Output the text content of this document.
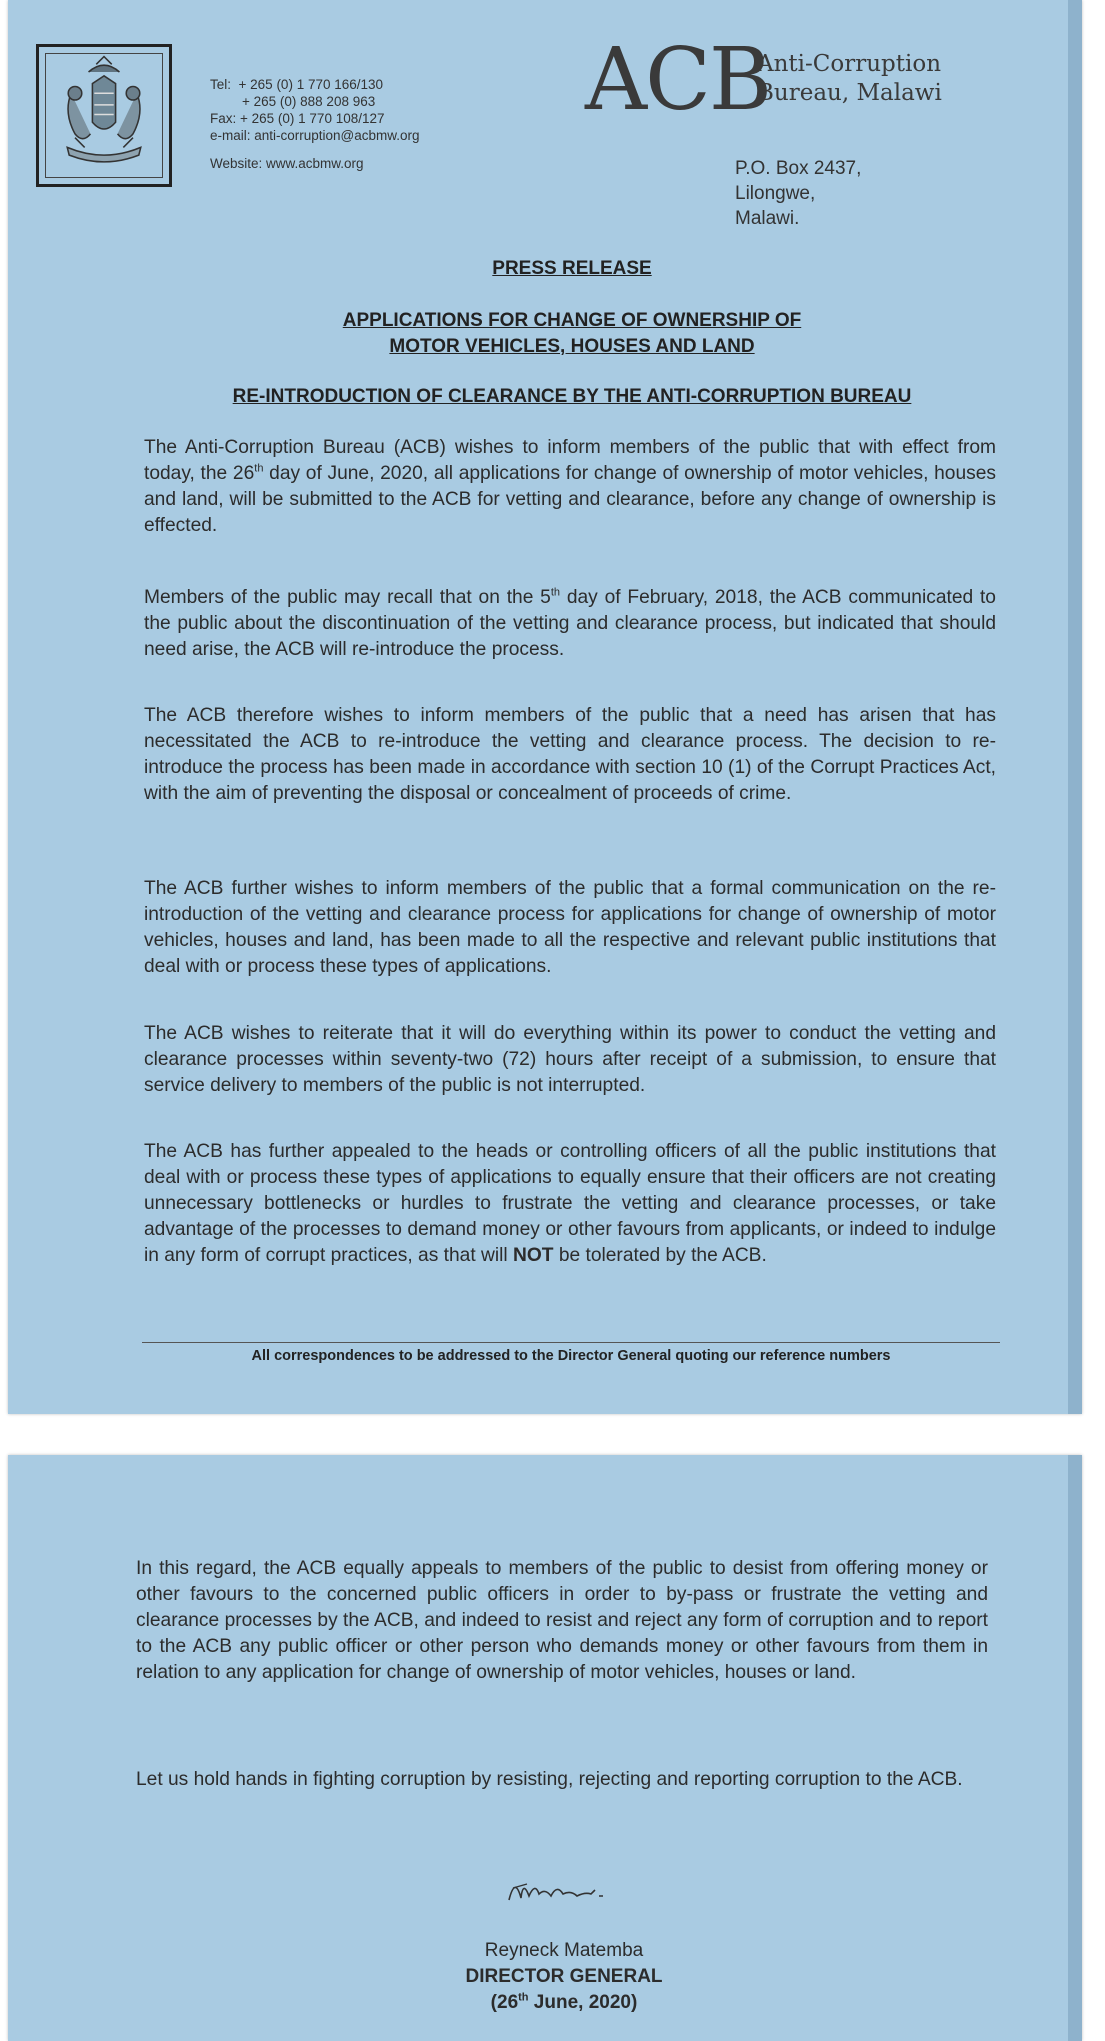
Tel: + 265 (0) 1 770 166/130
+ 265 (0) 888 208 963
Fax: + 265 (0) 1 770 108/127
e-mail: anti-corruption@acbmw.org
Website: www.acbmw.org
ACB
Anti-Corruption
Bureau, Malawi
P.O. Box 2437,
Lilongwe,
Malawi.
PRESS RELEASE
APPLICATIONS FOR CHANGE OF OWNERSHIP OF
MOTOR VEHICLES, HOUSES AND LAND
RE-INTRODUCTION OF CLEARANCE BY THE ANTI-CORRUPTION BUREAU
The Anti-Corruption Bureau (ACB) wishes to inform members of the public that with effect from today, the 26th day of June, 2020, all applications for change of ownership of motor vehicles, houses and land, will be submitted to the ACB for vetting and clearance, before any change of ownership is effected.
Members of the public may recall that on the 5th day of February, 2018, the ACB communicated to the public about the discontinuation of the vetting and clearance process, but indicated that should need arise, the ACB will re-introduce the process.
The ACB therefore wishes to inform members of the public that a need has arisen that has necessitated the ACB to re-introduce the vetting and clearance process. The decision to re-introduce the process has been made in accordance with section 10 (1) of the Corrupt Practices Act, with the aim of preventing the disposal or concealment of proceeds of crime.
The ACB further wishes to inform members of the public that a formal communication on the re-introduction of the vetting and clearance process for applications for change of ownership of motor vehicles, houses and land, has been made to all the respective and relevant public institutions that deal with or process these types of applications.
The ACB wishes to reiterate that it will do everything within its power to conduct the vetting and clearance processes within seventy-two (72) hours after receipt of a submission, to ensure that service delivery to members of the public is not interrupted.
The ACB has further appealed to the heads or controlling officers of all the public institutions that deal with or process these types of applications to equally ensure that their officers are not creating unnecessary bottlenecks or hurdles to frustrate the vetting and clearance processes, or take advantage of the processes to demand money or other favours from applicants, or indeed to indulge in any form of corrupt practices, as that will NOT be tolerated by the ACB.
All correspondences to be addressed to the Director General quoting our reference numbers
In this regard, the ACB equally appeals to members of the public to desist from offering money or other favours to the concerned public officers in order to by-pass or frustrate the vetting and clearance processes by the ACB, and indeed to resist and reject any form of corruption and to report to the ACB any public officer or other person who demands money or other favours from them in relation to any application for change of ownership of motor vehicles, houses or land.
Let us hold hands in fighting corruption by resisting, rejecting and reporting corruption to the ACB.
Reyneck Matemba
DIRECTOR GENERAL
(26th June, 2020)
